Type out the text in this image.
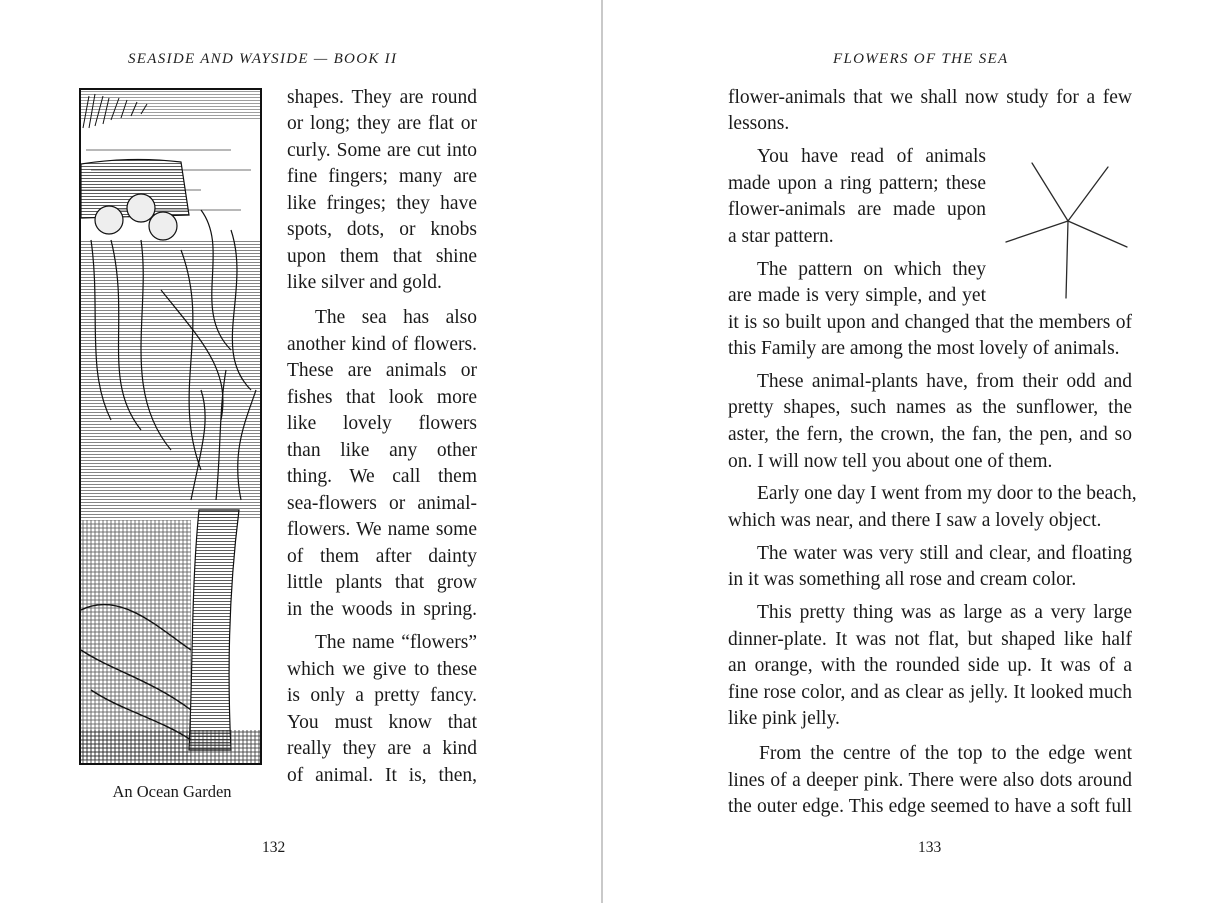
SEASIDE AND WAYSIDE — BOOK II
An Ocean Garden
shapes. They are round
or long; they are flat or
curly. Some are cut into
fine fingers; many are
like fringes; they have
spots, dots, or knobs
upon them that shine
like silver and gold.
The sea has also
another kind of flowers.
These are animals or
fishes that look more
like lovely flowers
than like any other
thing. We call them
sea-flowers or animal-
flowers. We name some
of them after dainty
little plants that grow
in the woods in spring.
The name “flowers”
which we give to these
is only a pretty fancy.
You must know that
really they are a kind
of animal. It is, then,
132
FLOWERS OF THE SEA
133
flower-animals that we shall now study for a few
lessons.
You have read of animals
made upon a ring pattern; these
flower-animals are made upon
a star pattern.
The pattern on which they
are made is very simple, and yet
it is so built upon and changed that the members of
this Family are among the most lovely of animals.
These animal-plants have, from their odd and
pretty shapes, such names as the sunflower, the
aster, the fern, the crown, the fan, the pen, and so
on. I will now tell you about one of them.
Early one day I went from my door to the beach,
which was near, and there I saw a lovely object.
The water was very still and clear, and floating
in it was something all rose and cream color.
This pretty thing was as large as a very large
dinner-plate. It was not flat, but shaped like half
an orange, with the rounded side up. It was of a
fine rose color, and as clear as jelly. It looked much
like pink jelly.
From the centre of the top to the edge went
lines of a deeper pink. There were also dots around
the outer edge. This edge seemed to have a soft full
